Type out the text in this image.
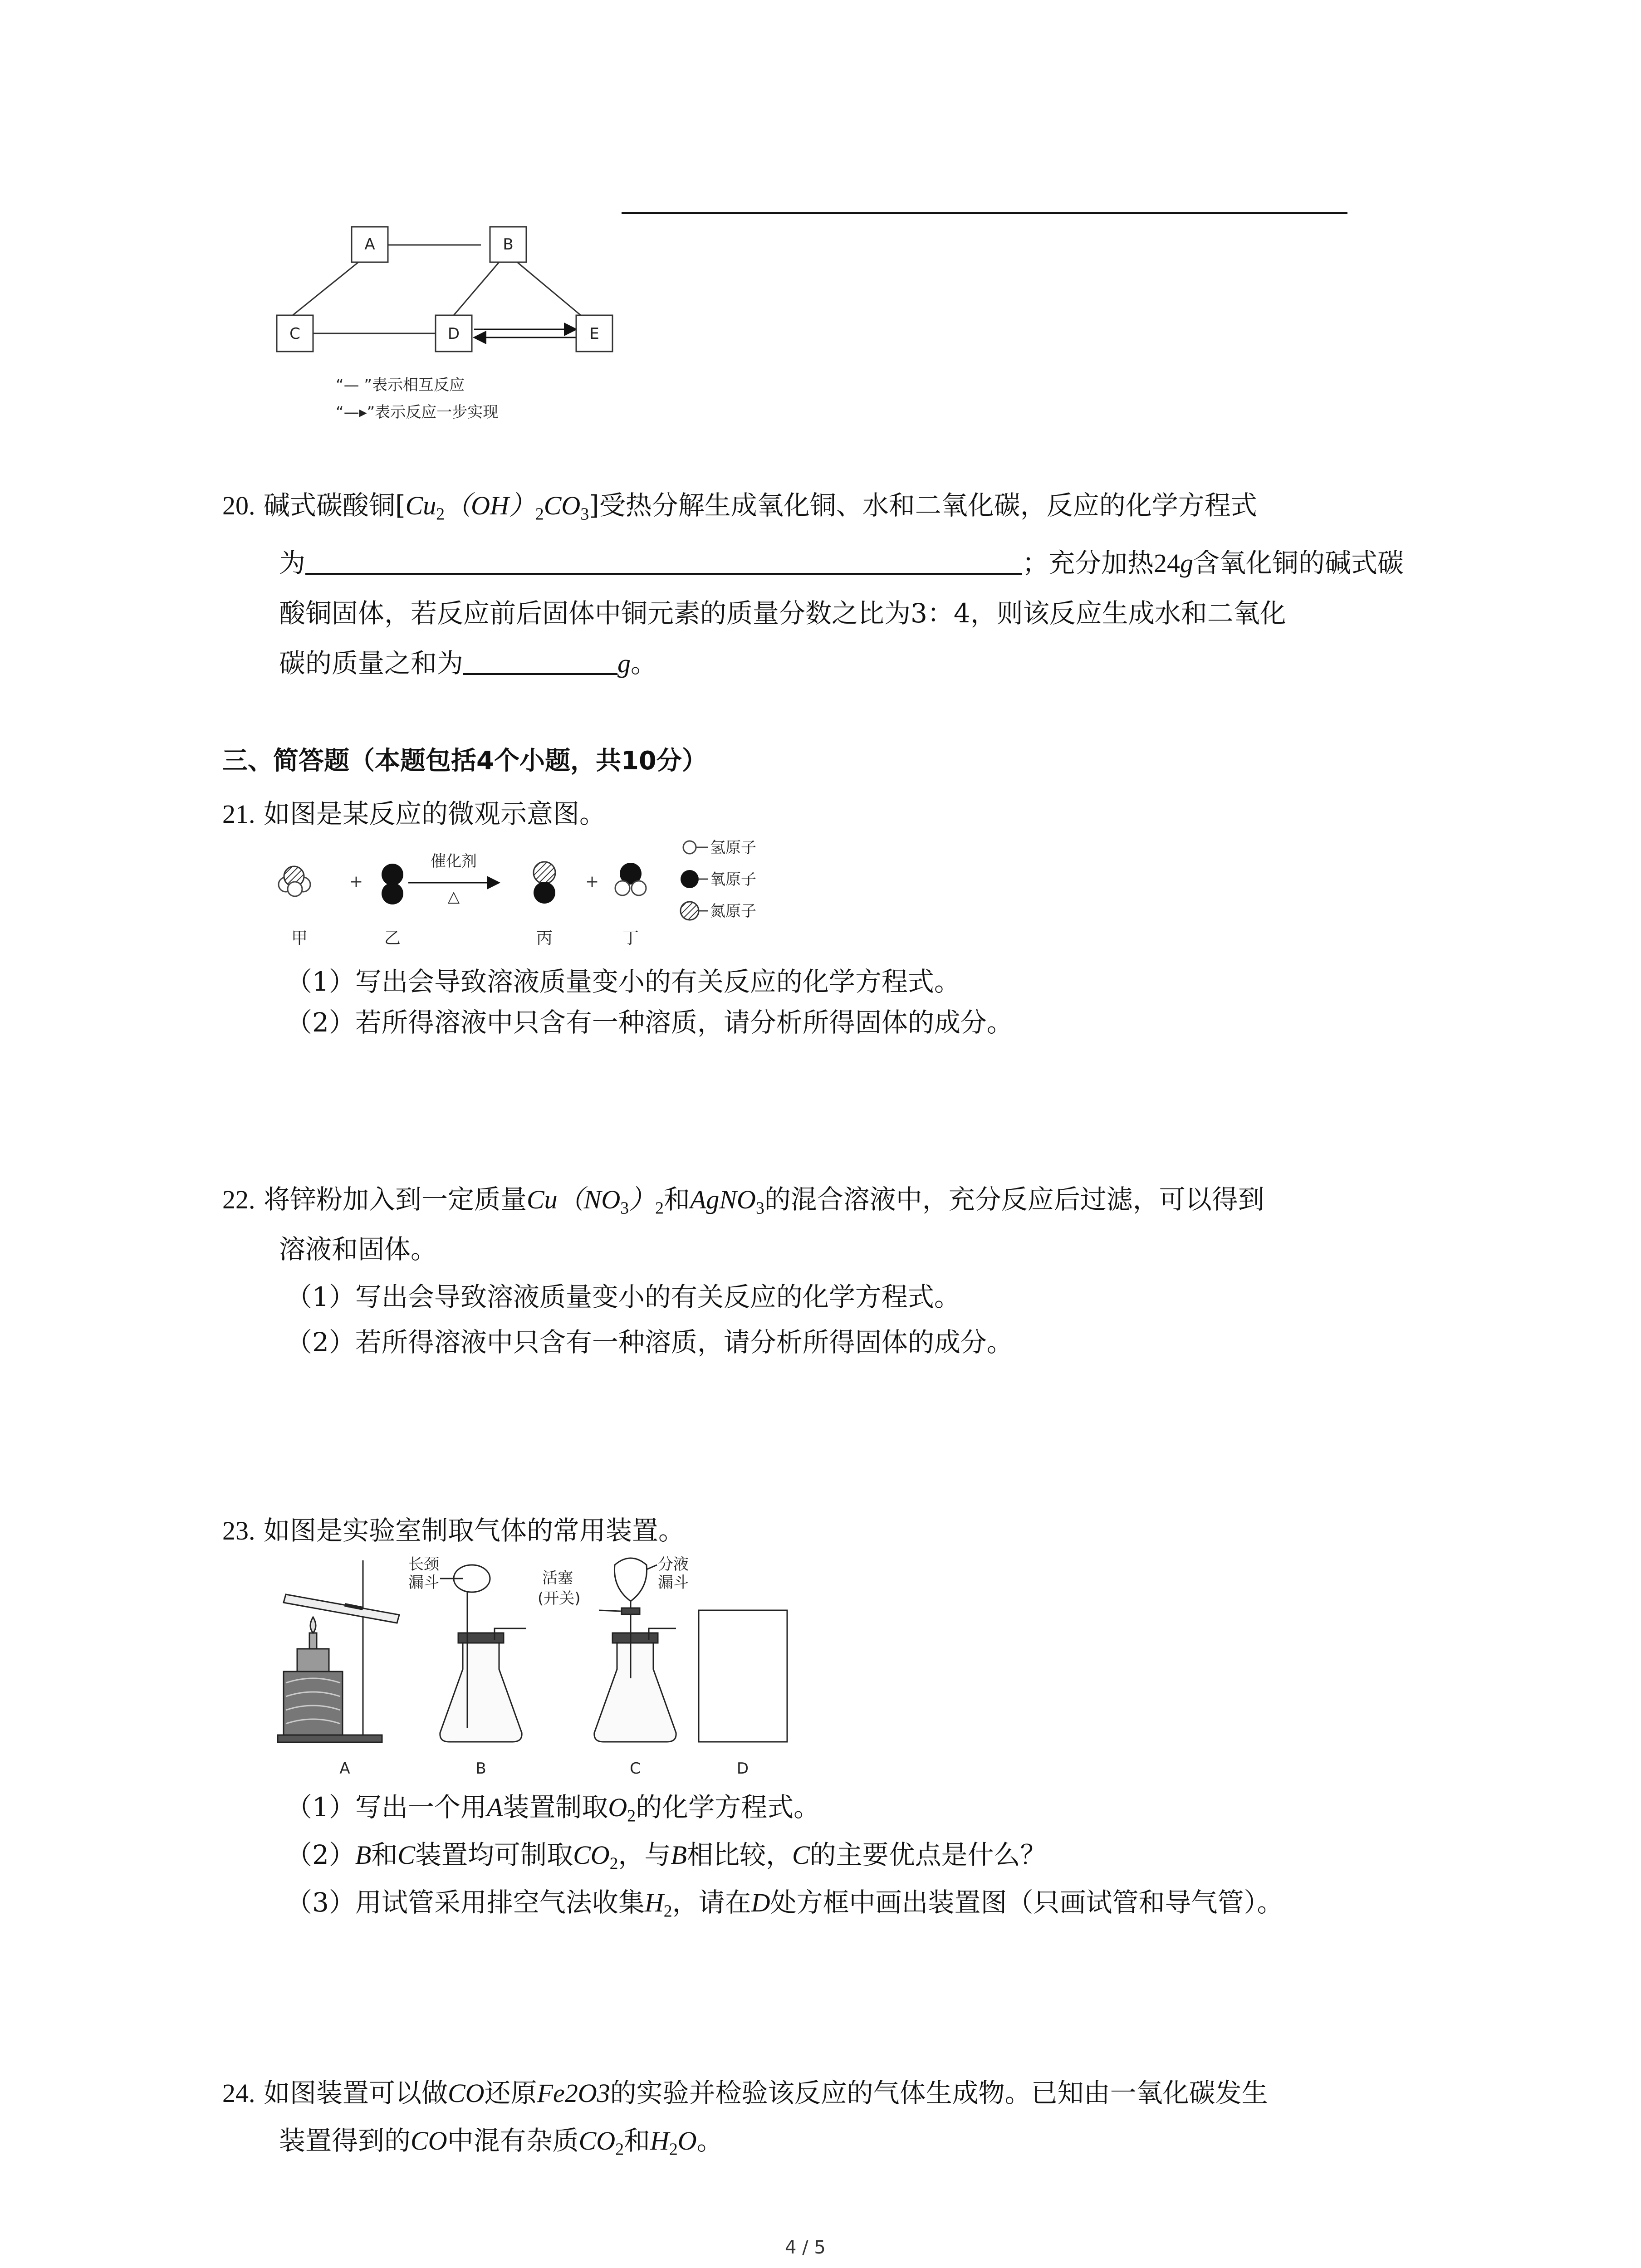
A	B
C	D	E
“— ”表示相互反应
“—▸”表示反应一步实现
20. 碱式碳酸铜$[Cu_2(OH)_2CO_3]$受热分解生成氧化铜、水和二氧化碳，反应的化学方程式
为	；充分加热24g含氧化铜的碱式碳
酸铜固体，若反应前后固体中铜元素的质量分数之比为3：4，则该反应生成水和二氧化
碳的质量之和为	g。
三、简答题（本题包括4个小题，共10分）
21. 如图是某反应的微观示意图。
+
催化剂
△
+
甲	乙	丙	丁
氢原子
氧原子
氮原子
（1）写出会导致溶液质量变小的有关反应的化学方程式。
（2）若所得溶液中只含有一种溶质，请分析所得固体的成分。
22. 将锌粉加入到一定质量$Cu(NO_3)_2$和AgNO$_3$的混合溶液中，充分反应后过滤，可以得到
溶液和固体。
（1）写出会导致溶液质量变小的有关反应的化学方程式。
（2）若所得溶液中只含有一种溶质，请分析所得固体的成分。
23. 如图是实验室制取气体的常用装置。
长颈
漏斗	活塞
(开关)
分液
漏斗
A	B	C	D
（1）写出一个用A装置制取$O_2$的化学方程式。
（2）B和C装置均可制取$CO_2$，与B相比较，C的主要优点是什么？
（3）用试管采用排空气法收集$H_2$，请在D处方框中画出装置图（只画试管和导气管）。
24. 如图装置可以做CO还原Fe2O3的实验并检验该反应的气体生成物。已知由一氧化碳发生
装置得到的CO中混有杂质$CO_2$和$H_2O$。
4 / 5
